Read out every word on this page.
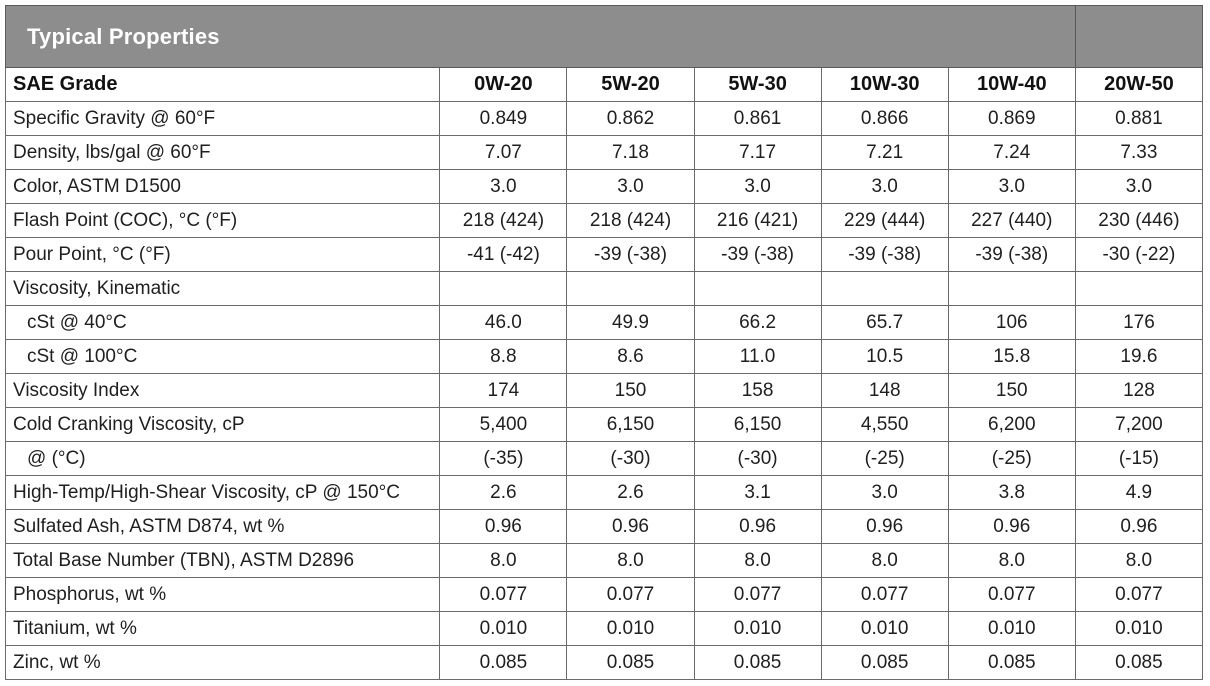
Typical Properties						
SAE Grade	0W-20	5W-20	5W-30	10W-30	10W-40	20W-50
Specific Gravity @ 60°F	0.849	0.862	0.861	0.866	0.869	0.881
Density, lbs/gal @ 60°F	7.07	7.18	7.17	7.21	7.24	7.33
Color, ASTM D1500	3.0	3.0	3.0	3.0	3.0	3.0
Flash Point (COC), °C (°F)	218 (424)	218 (424)	216 (421)	229 (444)	227 (440)	230 (446)
Pour Point, °C (°F)	-41 (-42)	-39 (-38)	-39 (-38)	-39 (-38)	-39 (-38)	-30 (-22)
Viscosity, Kinematic						
cSt @ 40°C	46.0	49.9	66.2	65.7	106	176
cSt @ 100°C	8.8	8.6	11.0	10.5	15.8	19.6
Viscosity Index	174	150	158	148	150	128
Cold Cranking Viscosity, cP	5,400	6,150	6,150	4,550	6,200	7,200
@ (°C)	(-35)	(-30)	(-30)	(-25)	(-25)	(-15)
High-Temp/High-Shear Viscosity, cP @ 150°C	2.6	2.6	3.1	3.0	3.8	4.9
Sulfated Ash, ASTM D874, wt %	0.96	0.96	0.96	0.96	0.96	0.96
Total Base Number (TBN), ASTM D2896	8.0	8.0	8.0	8.0	8.0	8.0
Phosphorus, wt %	0.077	0.077	0.077	0.077	0.077	0.077
Titanium, wt %	0.010	0.010	0.010	0.010	0.010	0.010
Zinc, wt %	0.085	0.085	0.085	0.085	0.085	0.085
